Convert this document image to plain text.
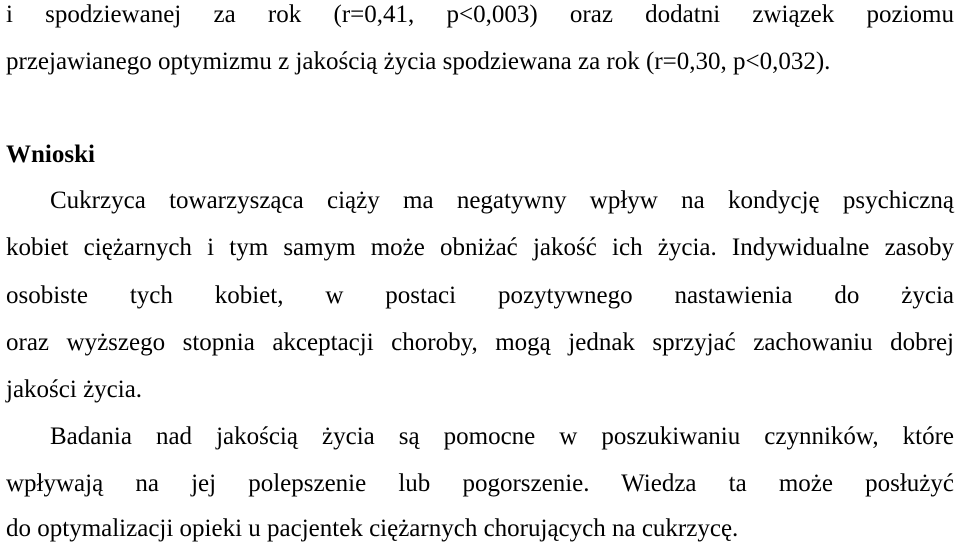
i spodziewanej za rok (r=0,41, p<0,003) oraz dodatni związek poziomu
przejawianego optymizmu z jakością życia spodziewana za rok (r=0,30, p<0,032).
Wnioski
Cukrzyca towarzysząca ciąży ma negatywny wpływ na kondycję psychiczną
kobiet ciężarnych i tym samym może obniżać jakość ich życia. Indywidualne zasoby
osobiste tych kobiet, w postaci pozytywnego nastawienia do życia
oraz wyższego stopnia akceptacji choroby, mogą jednak sprzyjać zachowaniu dobrej
jakości życia.
Badania nad jakością życia są pomocne w poszukiwaniu czynników, które
wpływają na jej polepszenie lub pogorszenie. Wiedza ta może posłużyć
do optymalizacji opieki u pacjentek ciężarnych chorujących na cukrzycę.
